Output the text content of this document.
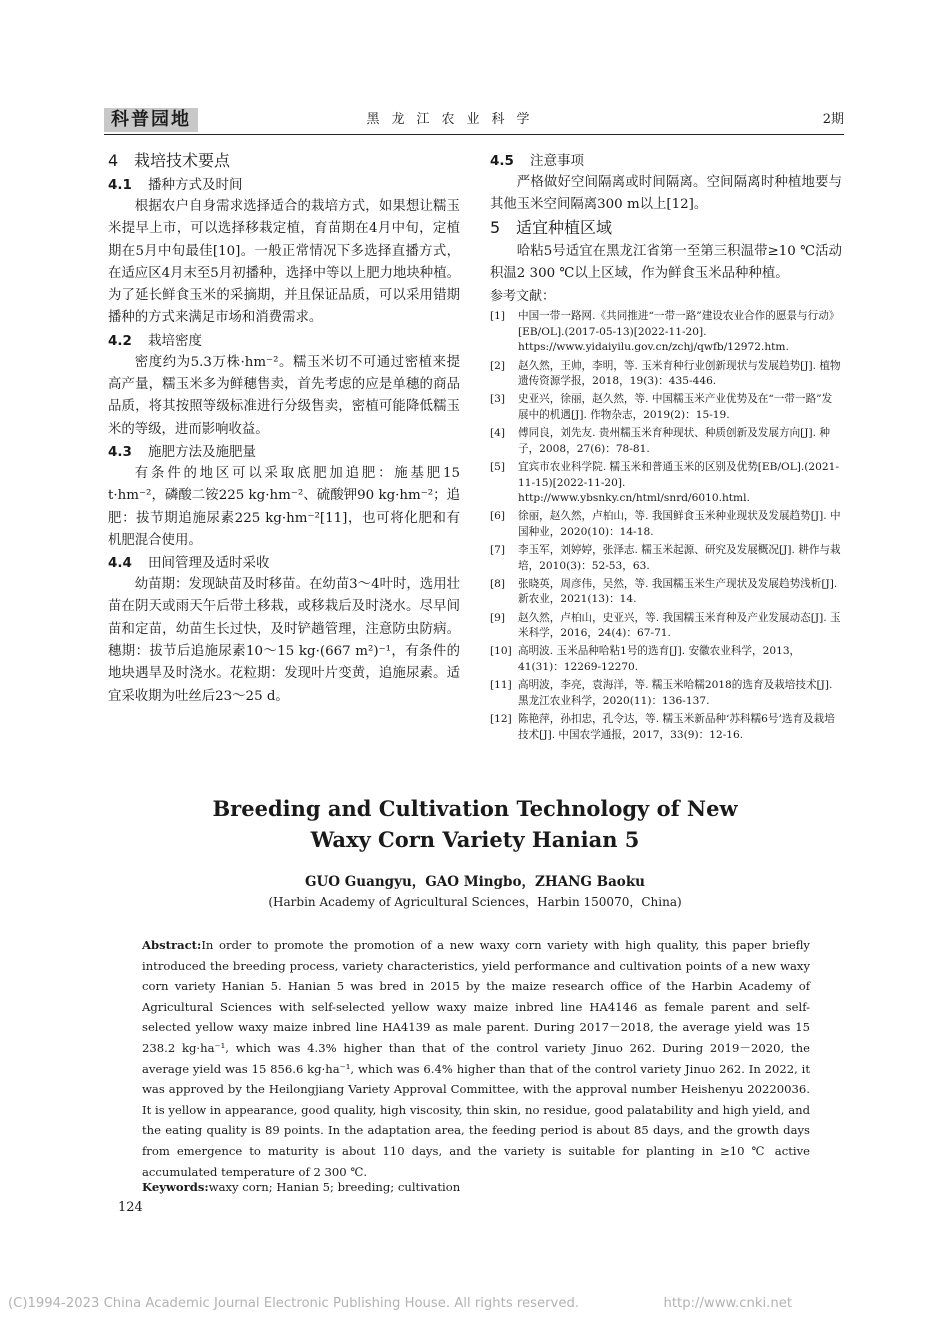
科普园地	黑龙江农业科学	2期
4 栽培技术要点
4.1 播种方式及时间

根据农户自身需求选择适合的栽培方式，如果想让糯玉米提早上市，可以选择移栽定植，育苗期在4月中旬，定植期在5月中旬最佳[10]。一般正常情况下多选择直播方式，在适应区4月末至5月初播种，选择中等以上肥力地块种植。为了延长鲜食玉米的采摘期，并且保证品质，可以采用错期播种的方式来满足市场和消费需求。

4.2 栽培密度

密度约为5.3万株·hm⁻²。糯玉米切不可通过密植来提高产量，糯玉米多为鲜穗售卖，首先考虑的应是单穗的商品品质，将其按照等级标准进行分级售卖，密植可能降低糯玉米的等级，进而影响收益。

4.3 施肥方法及施肥量

有条件的地区可以采取底肥加追肥：施基肥15 t·hm⁻²，磷酸二铵225 kg·hm⁻²、硫酸钾90 kg·hm⁻²；追肥：拔节期追施尿素225 kg·hm⁻²[11]，也可将化肥和有机肥混合使用。

4.4 田间管理及适时采收

幼苗期：发现缺苗及时移苗。在幼苗3～4叶时，选用壮苗在阴天或雨天午后带土移栽，或移栽后及时浇水。尽早间苗和定苗，幼苗生长过快，及时铲趟管理，注意防虫防病。穗期：拔节后追施尿素10～15 kg·(667 m²)⁻¹，有条件的地块遇旱及时浇水。花粒期：发现叶片变黄，追施尿素。适宜采收期为吐丝后23～25 d。

4.5 注意事项

严格做好空间隔离或时间隔离。空间隔离时种植地要与其他玉米空间隔离300 m以上[12]。

5 适宜种植区域

哈粘5号适宜在黑龙江省第一至第三积温带≥10 ℃活动积温2 300 ℃以上区域，作为鲜食玉米品种种植。

参考文献：
[1] 中国一带一路网.《共同推进“一带一路”建设农业合作的愿景与行动》[EB/OL].(2017-05-13)[2022-11-20]. https://www.yidaiyilu.gov.cn/zchj/qwfb/12972.htm.
[2] 赵久然，王帅，李明，等. 玉米育种行业创新现状与发展趋势[J]. 植物遗传资源学报，2018，19(3)：435-446.
[3] 史亚兴，徐丽，赵久然，等. 中国糯玉米产业优势及在“一带一路”发展中的机遇[J]. 作物杂志，2019(2)：15-19.
[4] 傅同良，刘先友. 贵州糯玉米育种现状、种质创新及发展方向[J]. 种子，2008，27(6)：78-81.
[5] 宜宾市农业科学院. 糯玉米和普通玉米的区别及优势[EB/OL].(2021-11-15)[2022-11-20]. http://www.ybsnky.cn/html/snrd/6010.html.
[6] 徐丽，赵久然，卢柏山，等. 我国鲜食玉米种业现状及发展趋势[J]. 中国种业，2020(10)：14-18.
[7] 李玉军，刘婷婷，张泽志. 糯玉米起源、研究及发展概况[J]. 耕作与栽培，2010(3)：52-53，63.
[8] 张晓英，周彦伟，吴然，等. 我国糯玉米生产现状及发展趋势浅析[J]. 新农业，2021(13)：14.
[9] 赵久然，卢柏山，史亚兴，等. 我国糯玉米育种及产业发展动态[J]. 玉米科学，2016，24(4)：67-71.
[10] 高明波. 玉米品种哈粘1号的选育[J]. 安徽农业科学，2013，41(31)：12269-12270.
[11] 高明波，李亮，袁海洋，等. 糯玉米哈糯2018的选育及栽培技术[J]. 黑龙江农业科学，2020(11)：136-137.
[12] 陈艳萍，孙扣忠，孔令达，等. 糯玉米新品种‘苏科糯6号’选育及栽培技术[J]. 中国农学通报，2017，33(9)：12-16.
Breeding and Cultivation Technology of New
Waxy Corn Variety Hanian 5
GUO Guangyu，GAO Mingbo，ZHANG Baoku
(Harbin Academy of Agricultural Sciences，Harbin 150070，China)

Abstract:In order to promote the promotion of a new waxy corn variety with high quality, this paper briefly introduced the breeding process, variety characteristics, yield performance and cultivation points of a new waxy corn variety Hanian 5. Hanian 5 was bred in 2015 by the maize research office of the Harbin Academy of Agricultural Sciences with self-selected yellow waxy maize inbred line HA4146 as female parent and self-selected yellow waxy maize inbred line HA4139 as male parent. During 2017－2018, the average yield was 15 238.2 kg·ha⁻¹, which was 4.3% higher than that of the control variety Jinuo 262. During 2019－2020, the average yield was 15 856.6 kg·ha⁻¹, which was 6.4% higher than that of the control variety Jinuo 262. In 2022, it was approved by the Heilongjiang Variety Approval Committee, with the approval number Heishenyu 20220036. It is yellow in appearance, good quality, high viscosity, thin skin, no residue, good palatability and high yield, and the eating quality is 89 points. In the adaptation area, the feeding period is about 85 days, and the growth days from emergence to maturity is about 110 days, and the variety is suitable for planting in ≥10 ℃ active accumulated temperature of 2 300 ℃.

Keywords:waxy corn; Hanian 5; breeding; cultivation

124
(C)1994-2023 China Academic Journal Electronic Publishing House. All rights reserved.	http://www.cnki.net
